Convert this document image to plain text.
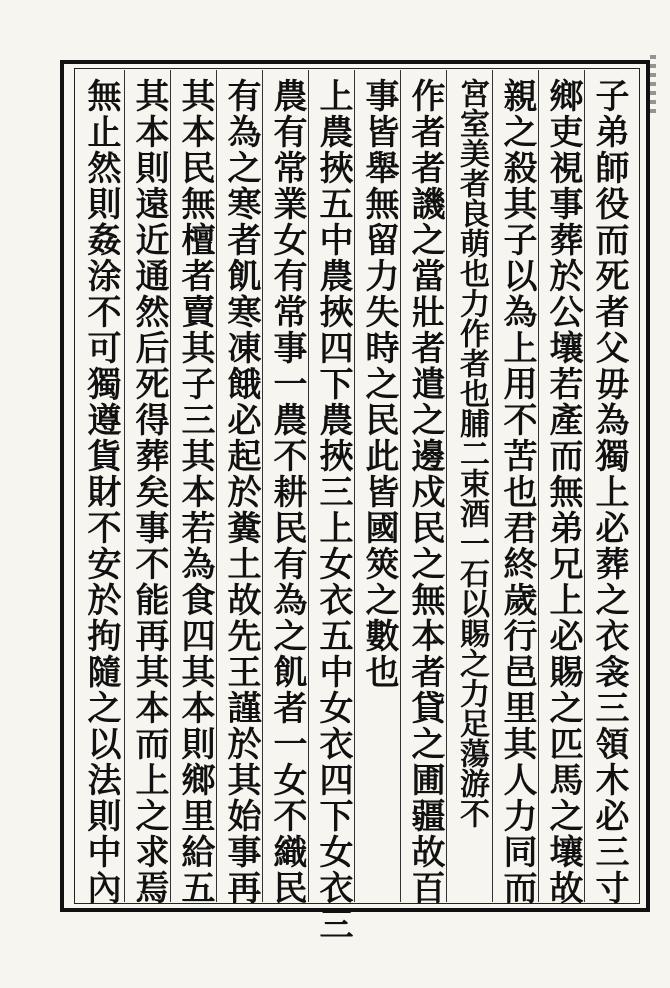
子弟師役而死者父毋為獨上必葬之衣衾三領木必三寸
鄉吏視事葬於公壤若產而無弟兄上必賜之匹馬之壤故
親之殺其子以為上用不苦也君終歲行邑里其人力同而
宮室美者良萌也力作者也脯二束酒一石以賜之力足蕩游不
作者者譏之當壯者遣之邊戍民之無本者貸之圃疆故百
事皆舉無留力失時之民此皆國筴之數也
上農挾五中農挾四下農挾三上女衣五中女衣四下女衣三
農有常業女有常事一農不耕民有為之飢者一女不織民
有為之寒者飢寒凍餓必起於糞土故先王謹於其始事再
其本民無檀者賣其子三其本若為食四其本則鄉里給五
其本則遠近通然后死得葬矣事不能再其本而上之求焉
無止然則姦涂不可獨遵貨財不安於拘隨之以法則中內
